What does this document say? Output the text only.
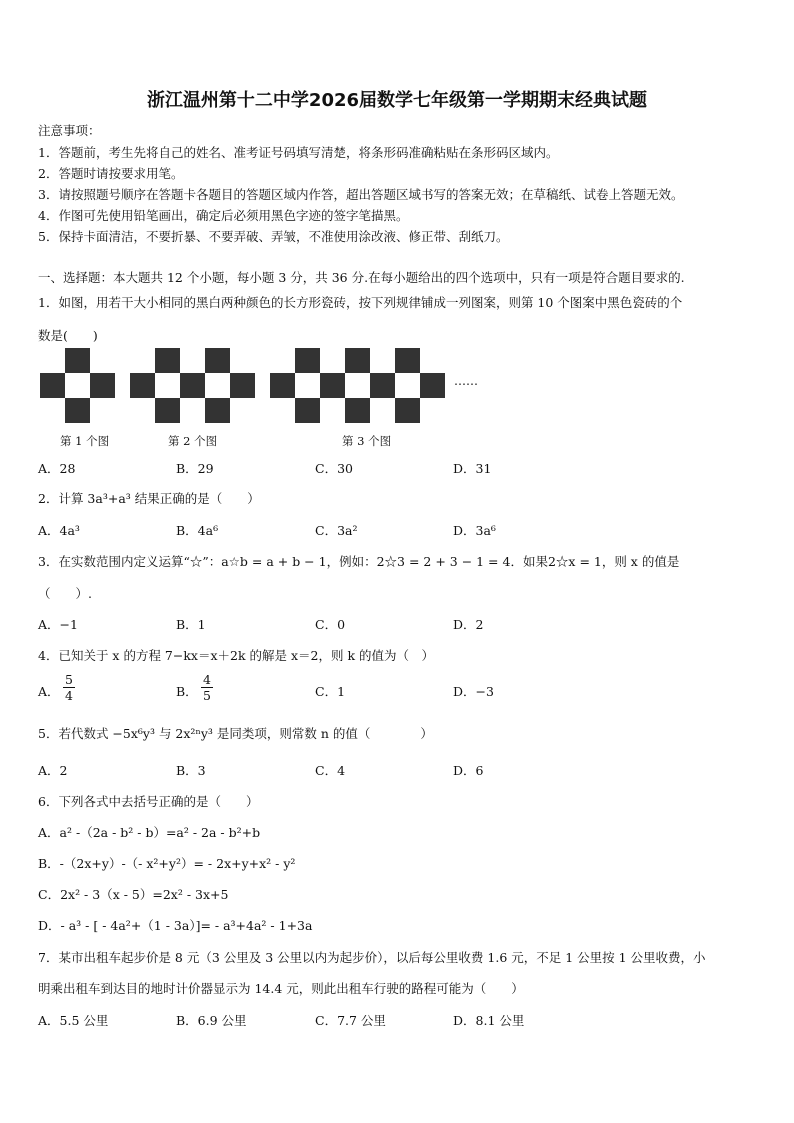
浙江温州第十二中学2026届数学七年级第一学期期末经典试题
注意事项：
1．答题前，考生先将自己的姓名、准考证号码填写清楚，将条形码准确粘贴在条形码区域内。
2．答题时请按要求用笔。
3．请按照题号顺序在答题卡各题目的答题区域内作答，超出答题区域书写的答案无效；在草稿纸、试卷上答题无效。
4．作图可先使用铅笔画出，确定后必须用黑色字迹的签字笔描黑。
5．保持卡面清洁，不要折暴、不要弄破、弄皱，不准使用涂改液、修正带、刮纸刀。
一、选择题：本大题共 12 个小题，每小题 3 分，共 36 分.在每小题给出的四个选项中，只有一项是符合题目要求的.
1．如图，用若干大小相同的黑白两种颜色的长方形瓷砖，按下列规律铺成一列图案，则第 10 个图案中黑色瓷砖的个
数是(　　)
……
第 1 个图	第 2 个图	第 3 个图
A．28	B．29	C．30	D．31
2．计算 3a³+a³ 结果正确的是（　　）
A．4a³	B．4a⁶	C．3a²	D．3a⁶
3．在实数范围内定义运算“☆”：a☆b = a + b − 1，例如：2☆3 = 2 + 3 − 1 = 4．如果2☆x = 1，则 x 的值是
（　　）.
A．−1	B．1	C．0	D．2
4．已知关于 x 的方程 7−kx＝x＋2k 的解是 x＝2，则 k 的值为（　）
A． $\frac{5}{4}$	B． $\frac{4}{5}$	C．1	D．−3
5．若代数式 −5x⁶y³ 与 2x²ⁿy³ 是同类项，则常数 n 的值（　　　　）
A．2	B．3	C．4	D．6
6．下列各式中去括号正确的是（　　）
A．a² -（2a - b² - b）=a² - 2a - b²+b
B．-（2x+y）-（- x²+y²）= - 2x+y+x² - y²
C．2x² - 3（x - 5）=2x² - 3x+5
D．- a³ - [ - 4a²+（1 - 3a）]= - a³+4a² - 1+3a
7．某市出租车起步价是 8 元（3 公里及 3 公里以内为起步价），以后每公里收费 1.6 元，不足 1 公里按 1 公里收费，小
明乘出租车到达目的地时计价器显示为 14.4 元，则此出租车行驶的路程可能为（　　）
A．5.5 公里	B．6.9 公里	C．7.7 公里	D．8.1 公里
